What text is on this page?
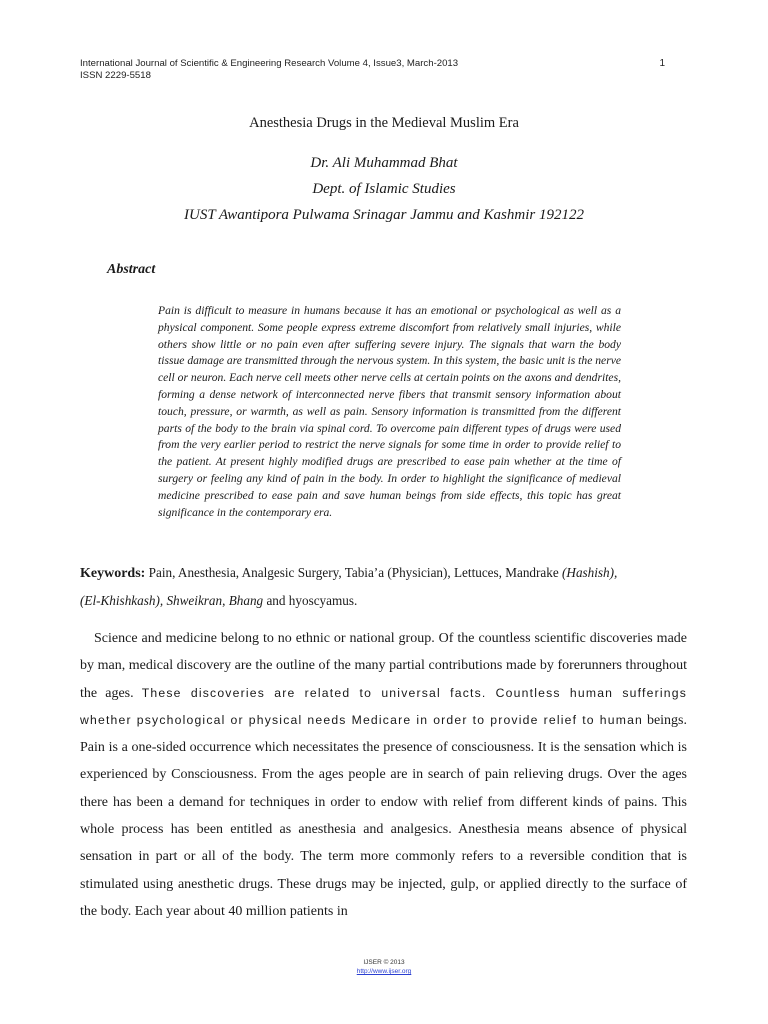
International Journal of Scientific & Engineering Research Volume 4, Issue3, March-2013
ISSN 2229-5518
1
Anesthesia Drugs in the Medieval Muslim Era
Dr. Ali Muhammad Bhat
Dept. of Islamic Studies
IUST Awantipora Pulwama Srinagar Jammu and Kashmir 192122
Abstract
Pain is difficult to measure in humans because it has an emotional or psychological as well as a physical component. Some people express extreme discomfort from relatively small injuries, while others show little or no pain even after suffering severe injury. The signals that warn the body tissue damage are transmitted through the nervous system. In this system, the basic unit is the nerve cell or neuron. Each nerve cell meets other nerve cells at certain points on the axons and dendrites, forming a dense network of interconnected nerve fibers that transmit sensory information about touch, pressure, or warmth, as well as pain. Sensory information is transmitted from the different parts of the body to the brain via spinal cord. To overcome pain different types of drugs were used from the very earlier period to restrict the nerve signals for some time in order to provide relief to the patient. At present highly modified drugs are prescribed to ease pain whether at the time of surgery or feeling any kind of pain in the body. In order to highlight the significance of medieval medicine prescribed to ease pain and save human beings from side effects, this topic has great significance in the contemporary era.
Keywords: Pain, Anesthesia, Analgesic Surgery, Tabia’a (Physician), Lettuces, Mandrake (Hashish),
(El-Khishkash), Shweikran, Bhang and hyoscyamus.
Science and medicine belong to no ethnic or national group. Of the countless scientific discoveries made by man, medical discovery are the outline of the many partial contributions made by forerunners throughout the ages. These discoveries are related to universal facts. Countless human sufferings whether psychological or physical needs Medicare in order to provide relief to human beings. Pain is a one-sided occurrence which necessitates the presence of consciousness. It is the sensation which is experienced by Consciousness. From the ages people are in search of pain relieving drugs. Over the ages there has been a demand for techniques in order to endow with relief from different kinds of pains. This whole process has been entitled as anesthesia and analgesics. Anesthesia means absence of physical sensation in part or all of the body. The term more commonly refers to a reversible condition that is stimulated using anesthetic drugs. These drugs may be injected, gulp, or applied directly to the surface of the body. Each year about 40 million patients in
IJSER © 2013
http://www.ijser.org
